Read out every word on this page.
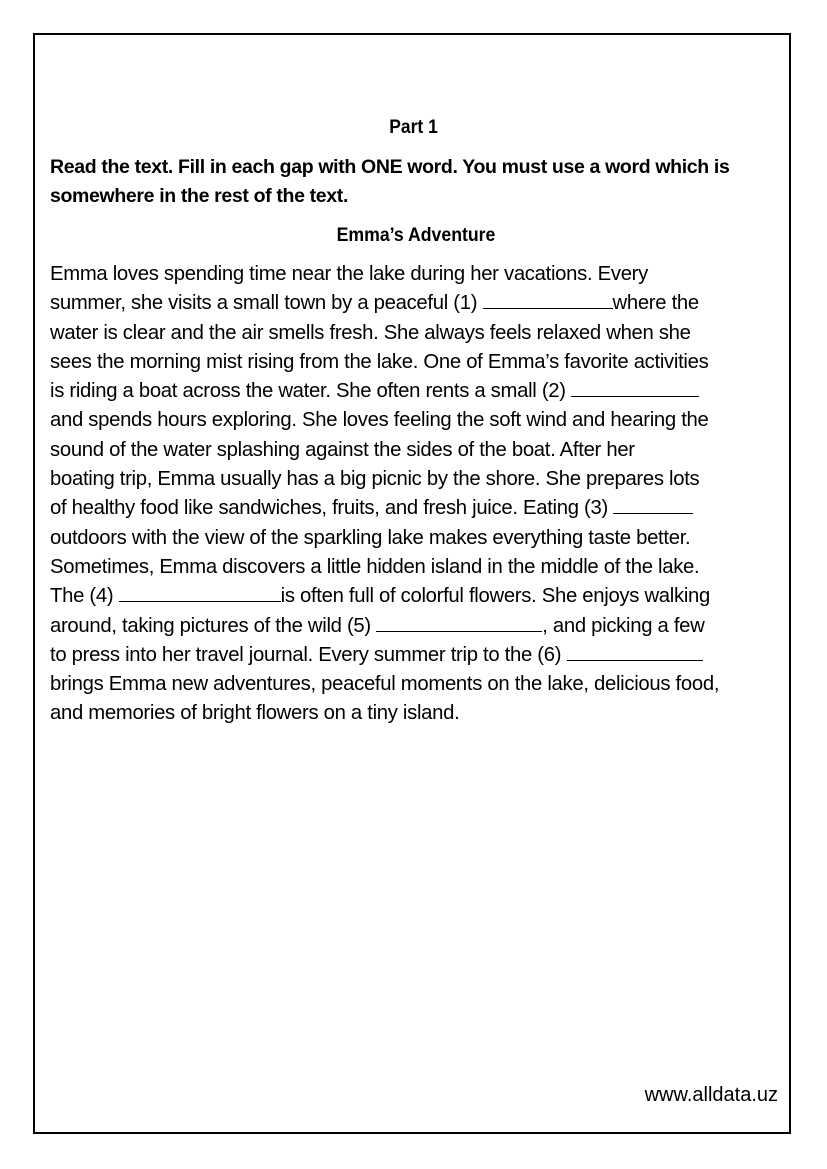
Part 1
Read the text. Fill in each gap with ONE word. You must use a word which is somewhere in the rest of the text.
Emma’s Adventure
Emma loves spending time near the lake during her vacations. Every
summer, she visits a small town by a peaceful (1)	where the
water is clear and the air smells fresh. She always feels relaxed when she
sees the morning mist rising from the lake. One of Emma’s favorite activities
is riding a boat across the water. She often rents a small (2)
and spends hours exploring. She loves feeling the soft wind and hearing the
sound of the water splashing against the sides of the boat. After her
boating trip, Emma usually has a big picnic by the shore. She prepares lots
of healthy food like sandwiches, fruits, and fresh juice. Eating (3)
outdoors with the view of the sparkling lake makes everything taste better.
Sometimes, Emma discovers a little hidden island in the middle of the lake.
The (4)	is often full of colorful flowers. She enjoys walking
around, taking pictures of the wild (5)	, and picking a few
to press into her travel journal. Every summer trip to the (6)
brings Emma new adventures, peaceful moments on the lake, delicious food,
and memories of bright flowers on a tiny island.
www.alldata.uz
